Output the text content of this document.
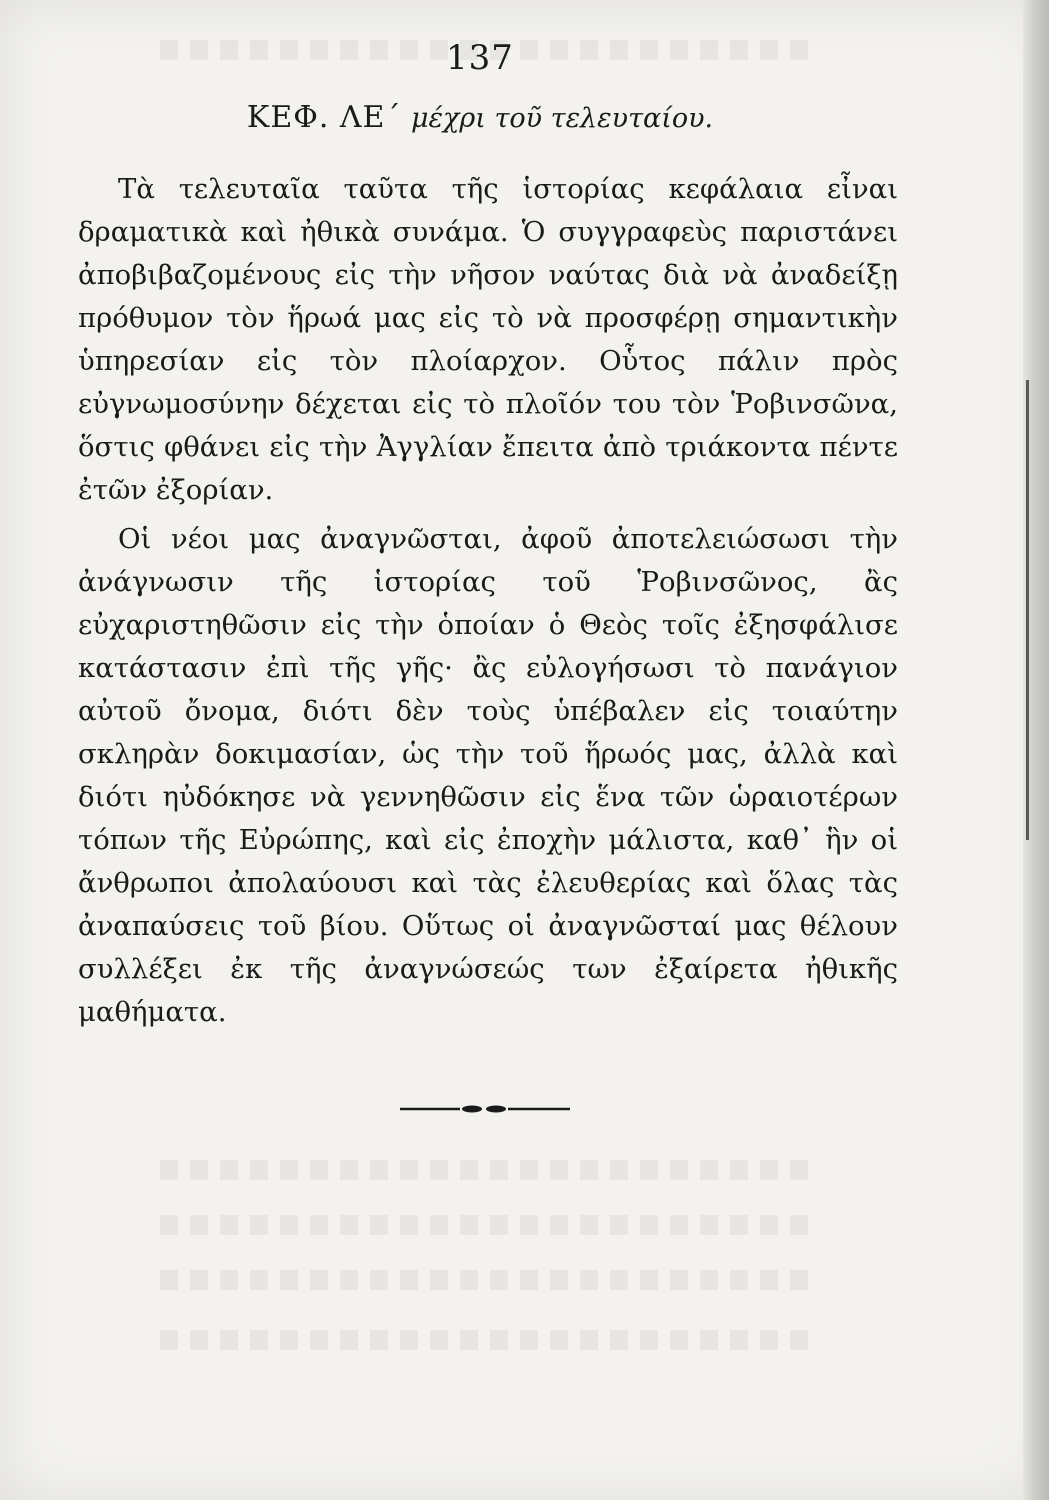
137
ΚΕΦ. ΛΕ΄ μέχρι τοῦ τελευταίου.

Τὰ τελευταῖα ταῦτα τῆς ἱστορίας κεφάλαια εἶναι δραματικὰ καὶ ἠθικὰ συνάμα. Ὁ συγγραφεὺς παριστάνει ἀποβιβαζομένους εἰς τὴν νῆσον ναύτας διὰ νὰ ἀναδείξῃ πρόθυμον τὸν ἥρωά μας εἰς τὸ νὰ προσφέρῃ σημαντικὴν ὑπηρεσίαν εἰς τὸν πλοίαρχον. Οὗτος πάλιν πρὸς εὐγνωμοσύνην δέχεται εἰς τὸ πλοῖόν του τὸν Ῥοβινσῶνα, ὅστις φθάνει εἰς τὴν Ἀγγλίαν ἔπειτα ἀπὸ τριάκοντα πέντε ἐτῶν ἐξορίαν.

Οἱ νέοι μας ἀναγνῶσται, ἀφοῦ ἀποτελειώσωσι τὴν ἀνάγνωσιν τῆς ἱστορίας τοῦ Ῥοβινσῶνος, ἂς εὐχαριστηθῶσιν εἰς τὴν ὁποίαν ὁ Θεὸς τοῖς ἐξησφάλισε κατάστασιν ἐπὶ τῆς γῆς· ἂς εὐλογήσωσι τὸ πανάγιον αὐτοῦ ὄνομα, διότι δὲν τοὺς ὑπέβαλεν εἰς τοιαύτην σκληρὰν δοκιμασίαν, ὡς τὴν τοῦ ἥρωός μας, ἀλλὰ καὶ διότι ηὐδόκησε νὰ γεννηθῶσιν εἰς ἕνα τῶν ὡραιοτέρων τόπων τῆς Εὐρώπης, καὶ εἰς ἐποχὴν μάλιστα, καθ᾽ ἣν οἱ ἄνθρωποι ἀπολαύουσι καὶ τὰς ἐλευθερίας καὶ ὅλας τὰς ἀναπαύσεις τοῦ βίου. Οὕτως οἱ ἀναγνῶσταί μας θέλουν συλλέξει ἐκ τῆς ἀναγνώσεώς των ἐξαίρετα ἠθικῆς μαθήματα.
